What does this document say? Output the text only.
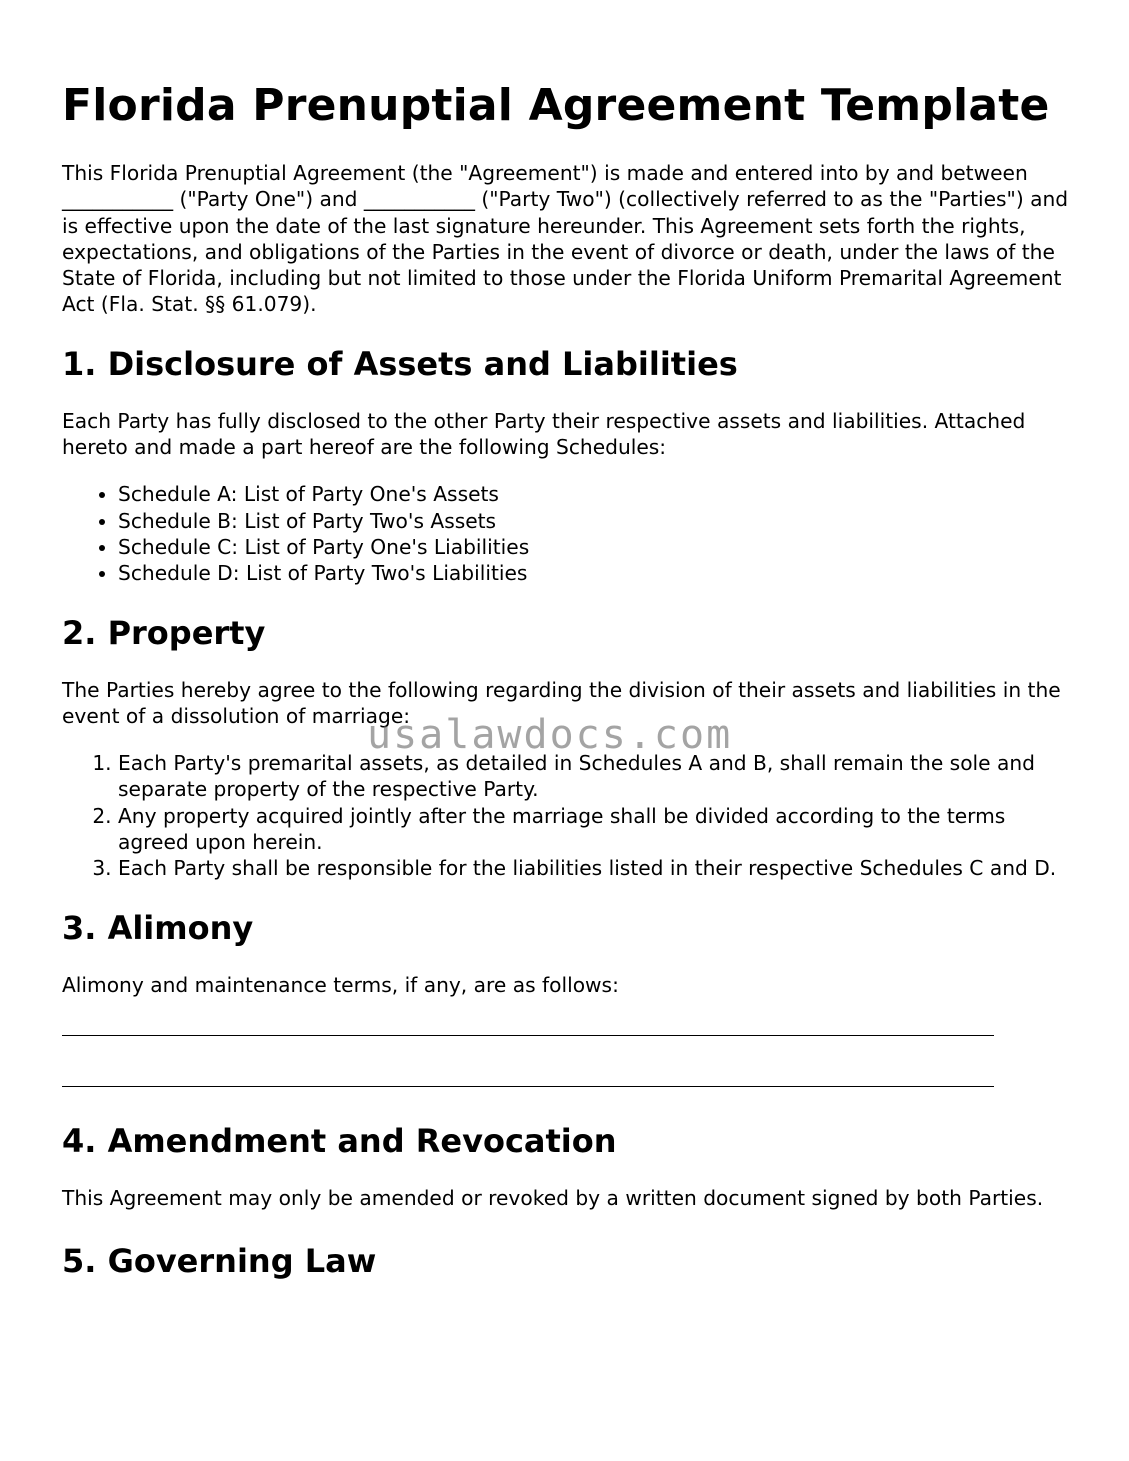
Florida Prenuptial Agreement Template

This Florida Prenuptial Agreement (the "Agreement") is made and entered into by and between ___________ ("Party One") and ___________ ("Party Two") (collectively referred to as the "Parties") and is effective upon the date of the last signature hereunder. This Agreement sets forth the rights, expectations, and obligations of the Parties in the event of divorce or death, under the laws of the State of Florida, including but not limited to those under the Florida Uniform Premarital Agreement Act (Fla. Stat. §§ 61.079).

1. Disclosure of Assets and Liabilities

Each Party has fully disclosed to the other Party their respective assets and liabilities. Attached hereto and made a part hereof are the following Schedules:

• Schedule A: List of Party One's Assets
• Schedule B: List of Party Two's Assets
• Schedule C: List of Party One's Liabilities
• Schedule D: List of Party Two's Liabilities
2. Property

The Parties hereby agree to the following regarding the division of their assets and liabilities in the event of a dissolution of marriage:

1. Each Party's premarital assets, as detailed in Schedules A and B, shall remain the sole and separate property of the respective Party.
2. Any property acquired jointly after the marriage shall be divided according to the terms agreed upon herein.
3. Each Party shall be responsible for the liabilities listed in their respective Schedules C and D.
3. Alimony

Alimony and maintenance terms, if any, are as follows:

4. Amendment and Revocation

This Agreement may only be amended or revoked by a written document signed by both Parties.

5. Governing Law
usalawdocs.com
